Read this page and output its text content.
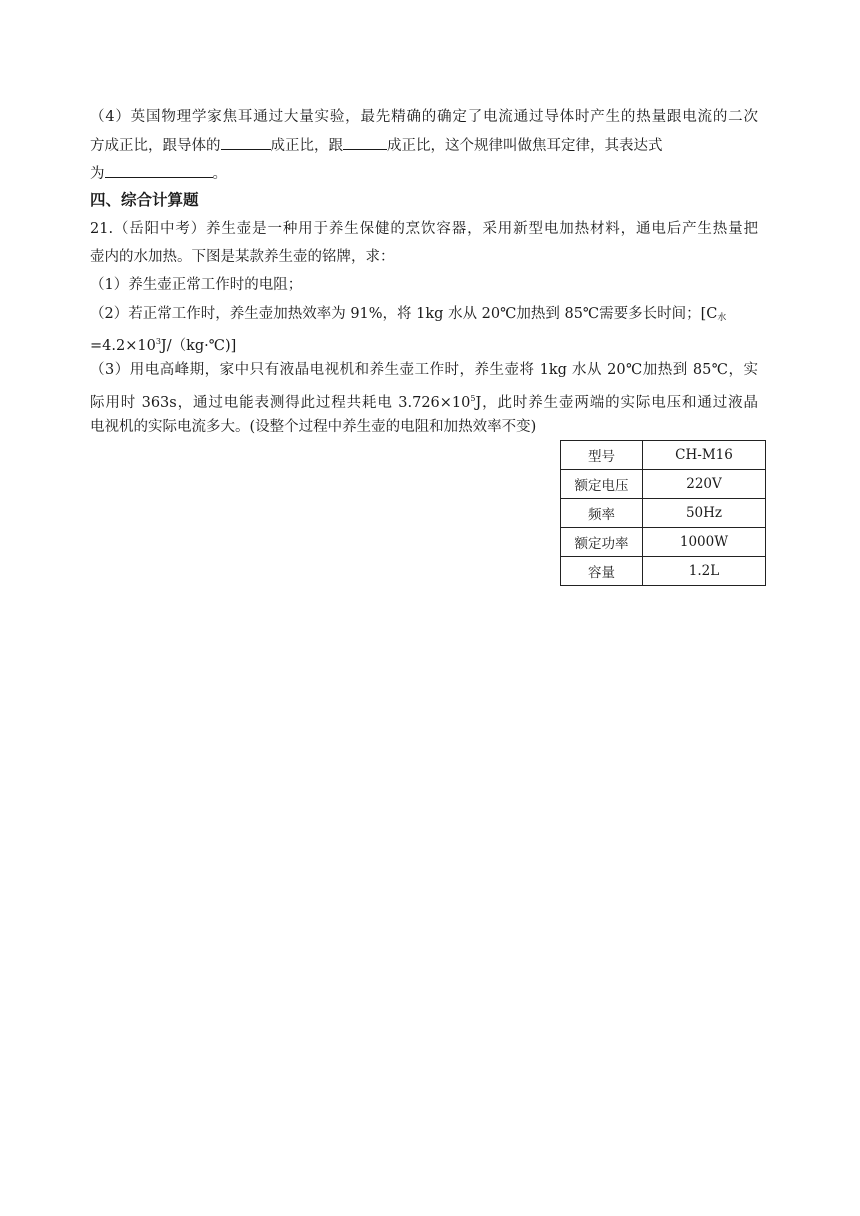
（4）英国物理学家焦耳通过大量实验，最先精确的确定了电流通过导体时产生的热量跟电流的二次
方成正比，跟导体的	成正比，跟	成正比，这个规律叫做焦耳定律，其表达式
为	。
四、综合计算题
21.（岳阳中考）养生壶是一种用于养生保健的烹饮容器，采用新型电加热材料，通电后产生热量把
壶内的水加热。下图是某款养生壶的铭牌，求：
（1）养生壶正常工作时的电阻；
（2）若正常工作时，养生壶加热效率为 91%，将 1kg 水从 20℃加热到 85℃需要多长时间；[$C_水$
$=4.2\times 10^3J/(kg\cdot℃)$]
（3）用电高峰期，家中只有液晶电视机和养生壶工作时，养生壶将 1kg 水从 20℃加热到 85℃，实
际用时 363s，通过电能表测得此过程共耗电 $3.726\times 10^5J$，此时养生壶两端的实际电压和通过液晶
电视机的实际电流多大。(设整个过程中养生壶的电阻和加热效率不变)
型号	CH-M16
额定电压	220V
频率	50Hz
额定功率	1000W
容量	1.2L
